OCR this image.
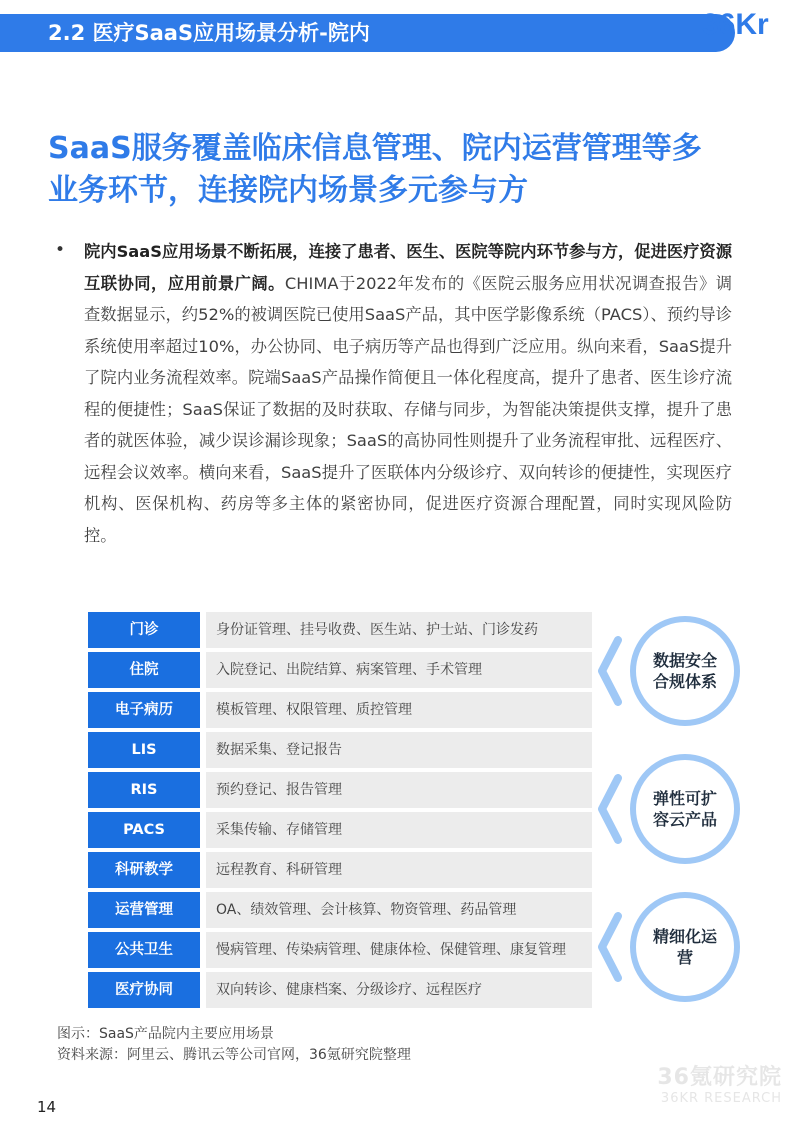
2.2 医疗SaaS应用场景分析-院内	36Kr
SaaS服务覆盖临床信息管理、院内运营管理等多
业务环节，连接院内场景多元参与方
• 院内SaaS应用场景不断拓展，连接了患者、医生、医院等院内环节参与方，促进医疗资源互联协同，应用前景广阔。CHIMA于2022年发布的《医院云服务应用状况调查报告》调查数据显示，约52%的被调医院已使用SaaS产品，其中医学影像系统（PACS）、预约导诊系统使用率超过10%，办公协同、电子病历等产品也得到广泛应用。纵向来看，SaaS提升了院内业务流程效率。院端SaaS产品操作简便且一体化程度高，提升了患者、医生诊疗流程的便捷性；SaaS保证了数据的及时获取、存储与同步，为智能决策提供支撑，提升了患者的就医体验，减少误诊漏诊现象；SaaS的高协同性则提升了业务流程审批、远程医疗、远程会议效率。横向来看，SaaS提升了医联体内分级诊疗、双向转诊的便捷性，实现医疗机构、医保机构、药房等多主体的紧密协同，促进医疗资源合理配置，同时实现风险防控。
门诊	身份证管理、挂号收费、医生站、护士站、门诊发药
住院	入院登记、出院结算、病案管理、手术管理
电子病历	模板管理、权限管理、质控管理
LIS	数据采集、登记报告
RIS	预约登记、报告管理
PACS	采集传输、存储管理
科研教学	远程教育、科研管理
运营管理	OA、绩效管理、会计核算、物资管理、药品管理
公共卫生	慢病管理、传染病管理、健康体检、保健管理、康复管理
医疗协同	双向转诊、健康档案、分级诊疗、远程医疗
数据安全合规体系
弹性可扩容云产品
精细化运营
图示：SaaS产品院内主要应用场景
资料来源：阿里云、腾讯云等公司官网，36氪研究院整理
36氪研究院
36KR RESEARCH
14
